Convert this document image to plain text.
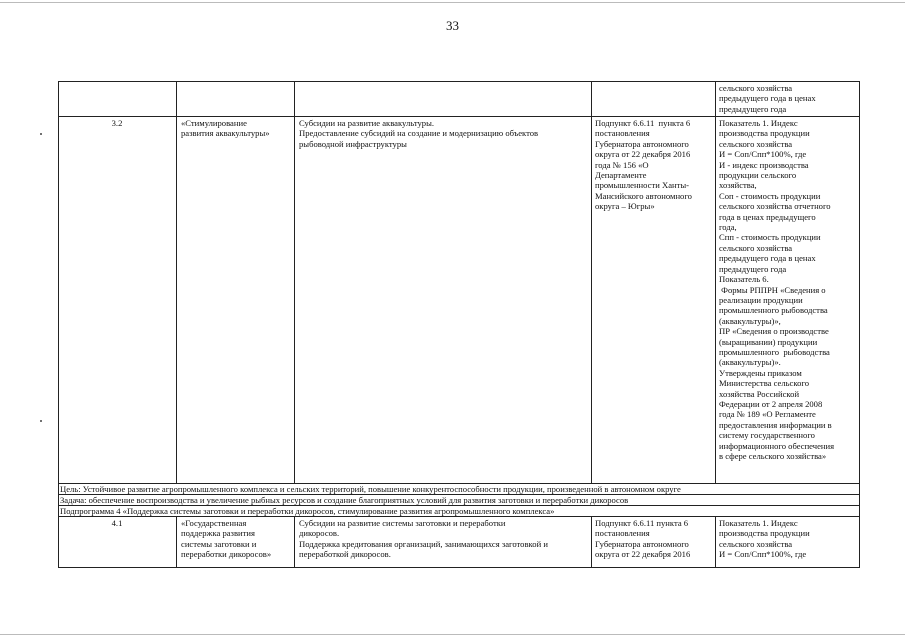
33
сельского хозяйства
предыдущего года в ценах
предыдущего года
3.2	«Стимулирование
развития аквакультуры»
Субсидии на развитие аквакультуры.
Предоставление субсидий на создание и модернизацию объектов
рыбоводной инфраструктуры
Подпункт 6.6.11  пункта 6
постановления
Губернатора автономного
округа от 22 декабря 2016
года № 156 «О
Департаменте
промышленности Ханты-
Мансийского автономного
округа – Югры»
Показатель 1. Индекс
производства продукции
сельского хозяйства
И = Соп/Спп*100%, где
И - индекс производства
продукции сельского
хозяйства,
Соп - стоимость продукции
сельского хозяйства отчетного
года в ценах предыдущего
года,
Спп - стоимость продукции
сельского хозяйства
предыдущего года в ценах
предыдущего года
Показатель 6.
Формы РППРН «Сведения о
реализации продукции
промышленного рыбоводства
(аквакультуры)»,
ПР «Сведения о производстве
(выращивании) продукции
промышленного  рыбоводства
(аквакультуры)».
Утверждены приказом
Министерства сельского
хозяйства Российской
Федерации от 2 апреля 2008
года № 189 «О Регламенте
предоставления информации в
систему государственного
информационного обеспечения
в сфере сельского хозяйства»
Цель: Устойчивое развитие агропромышленного комплекса и сельских территорий, повышение конкурентоспособности продукции, произведенной в автономном округе
Задача: обеспечение воспроизводства и увеличение рыбных ресурсов и создание благоприятных условий для развития заготовки и переработки дикоросов
Подпрограмма 4 «Поддержка системы заготовки и переработки дикоросов, стимулирование развития агропромышленного комплекса»
4.1	«Государственная
поддержка развития
системы заготовки и
переработки дикоросов»
Субсидии на развитие системы заготовки и переработки
дикоросов.
Поддержка кредитования организаций, занимающихся заготовкой и
переработкой дикоросов.
Подпункт 6.6.11 пункта 6
постановления
Губернатора автономного
округа от 22 декабря 2016
Показатель 1. Индекс
производства продукции
сельского хозяйства
И = Соп/Спп*100%, где
